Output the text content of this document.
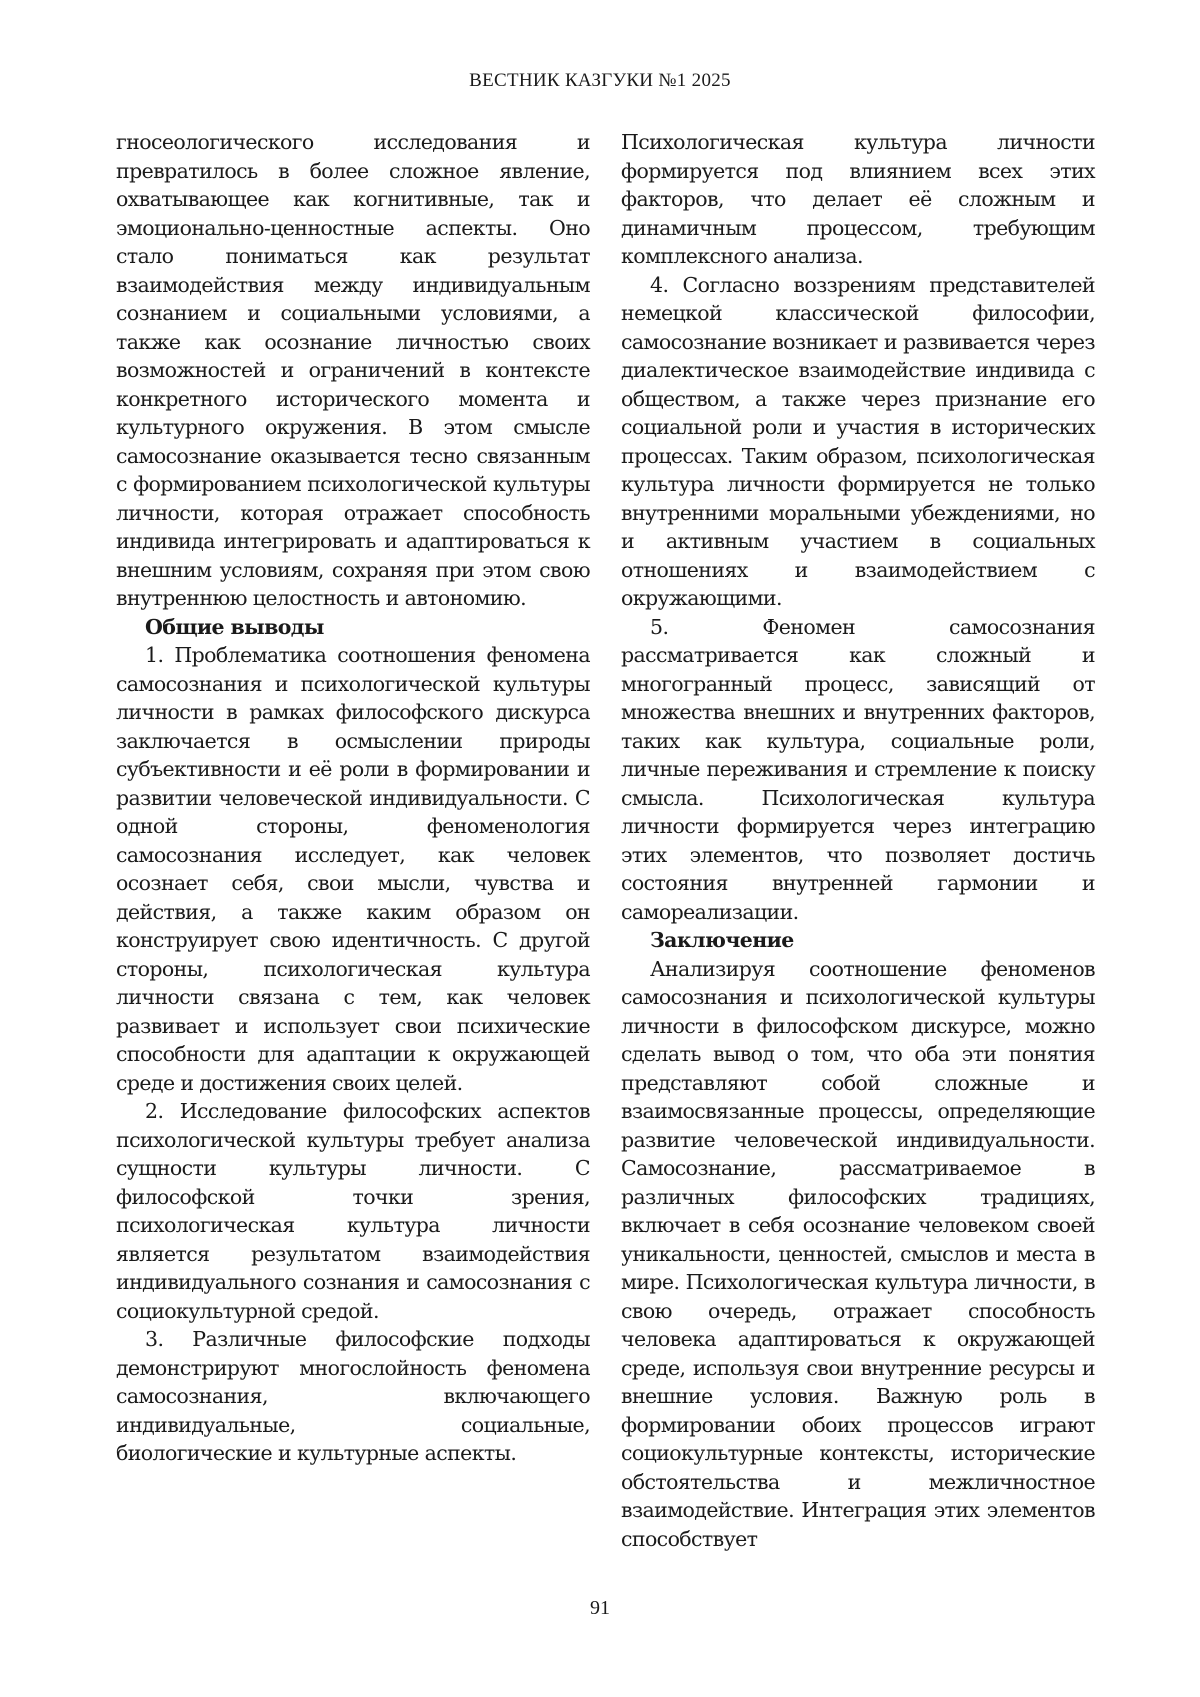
ВЕСТНИК КАЗГУКИ №1 2025

гносеологического исследования и превратилось в более сложное явление, охватывающее как когнитивные, так и эмоционально-ценностные аспекты. Оно стало пониматься как результат взаимодействия между индивидуальным сознанием и социальными условиями, а также как осознание личностью своих возможностей и ограничений в контексте конкретного исторического момента и культурного окружения. В этом смысле самосознание оказывается тесно связанным с формированием психологической культуры личности, которая отражает способность индивида интегрировать и адаптироваться к внешним условиям, сохраняя при этом свою внутреннюю целостность и автономию.

Общие выводы

1. Проблематика соотношения феномена самосознания и психологической культуры личности в рамках философского дискурса заключается в осмыслении природы субъективности и её роли в формировании и развитии человеческой индивидуальности. С одной стороны, феноменология самосознания исследует, как человек осознает себя, свои мысли, чувства и действия, а также каким образом он конструирует свою идентичность. С другой стороны, психологическая культура личности связана с тем, как человек развивает и использует свои психические способности для адаптации к окружающей среде и достижения своих целей.

2. Исследование философских аспектов психологической культуры требует анализа сущности культуры личности. С философской точки зрения, психологическая культура личности является результатом взаимодействия индивидуального сознания и самосознания с социокультурной средой.

3. Различные философские подходы демонстрируют многослойность феномена самосознания, включающего индивидуальные, социальные, биологические и культурные аспекты.

Психологическая культура личности формируется под влиянием всех этих факторов, что делает её сложным и динамичным процессом, требующим комплексного анализа.

4. Согласно воззрениям представителей немецкой классической философии, самосознание возникает и развивается через диалектическое взаимодействие индивида с обществом, а также через признание его социальной роли и участия в исторических процессах. Таким образом, психологическая культура личности формируется не только внутренними моральными убеждениями, но и активным участием в социальных отношениях и взаимодействием с окружающими.

5. Феномен самосознания рассматривается как сложный и многогранный процесс, зависящий от множества внешних и внутренних факторов, таких как культура, социальные роли, личные переживания и стремление к поиску смысла. Психологическая культура личности формируется через интеграцию этих элементов, что позволяет достичь состояния внутренней гармонии и самореализации.

Заключение

Анализируя соотношение феноменов самосознания и психологической культуры личности в философском дискурсе, можно сделать вывод о том, что оба эти понятия представляют собой сложные и взаимосвязанные процессы, определяющие развитие человеческой индивидуальности. Самосознание, рассматриваемое в различных философских традициях, включает в себя осознание человеком своей уникальности, ценностей, смыслов и места в мире. Психологическая культура личности, в свою очередь, отражает способность человека адаптироваться к окружающей среде, используя свои внутренние ресурсы и внешние условия. Важную роль в формировании обоих процессов играют социокультурные контексты, исторические обстоятельства и межличностное взаимодействие. Интеграция этих элементов способствует

91
